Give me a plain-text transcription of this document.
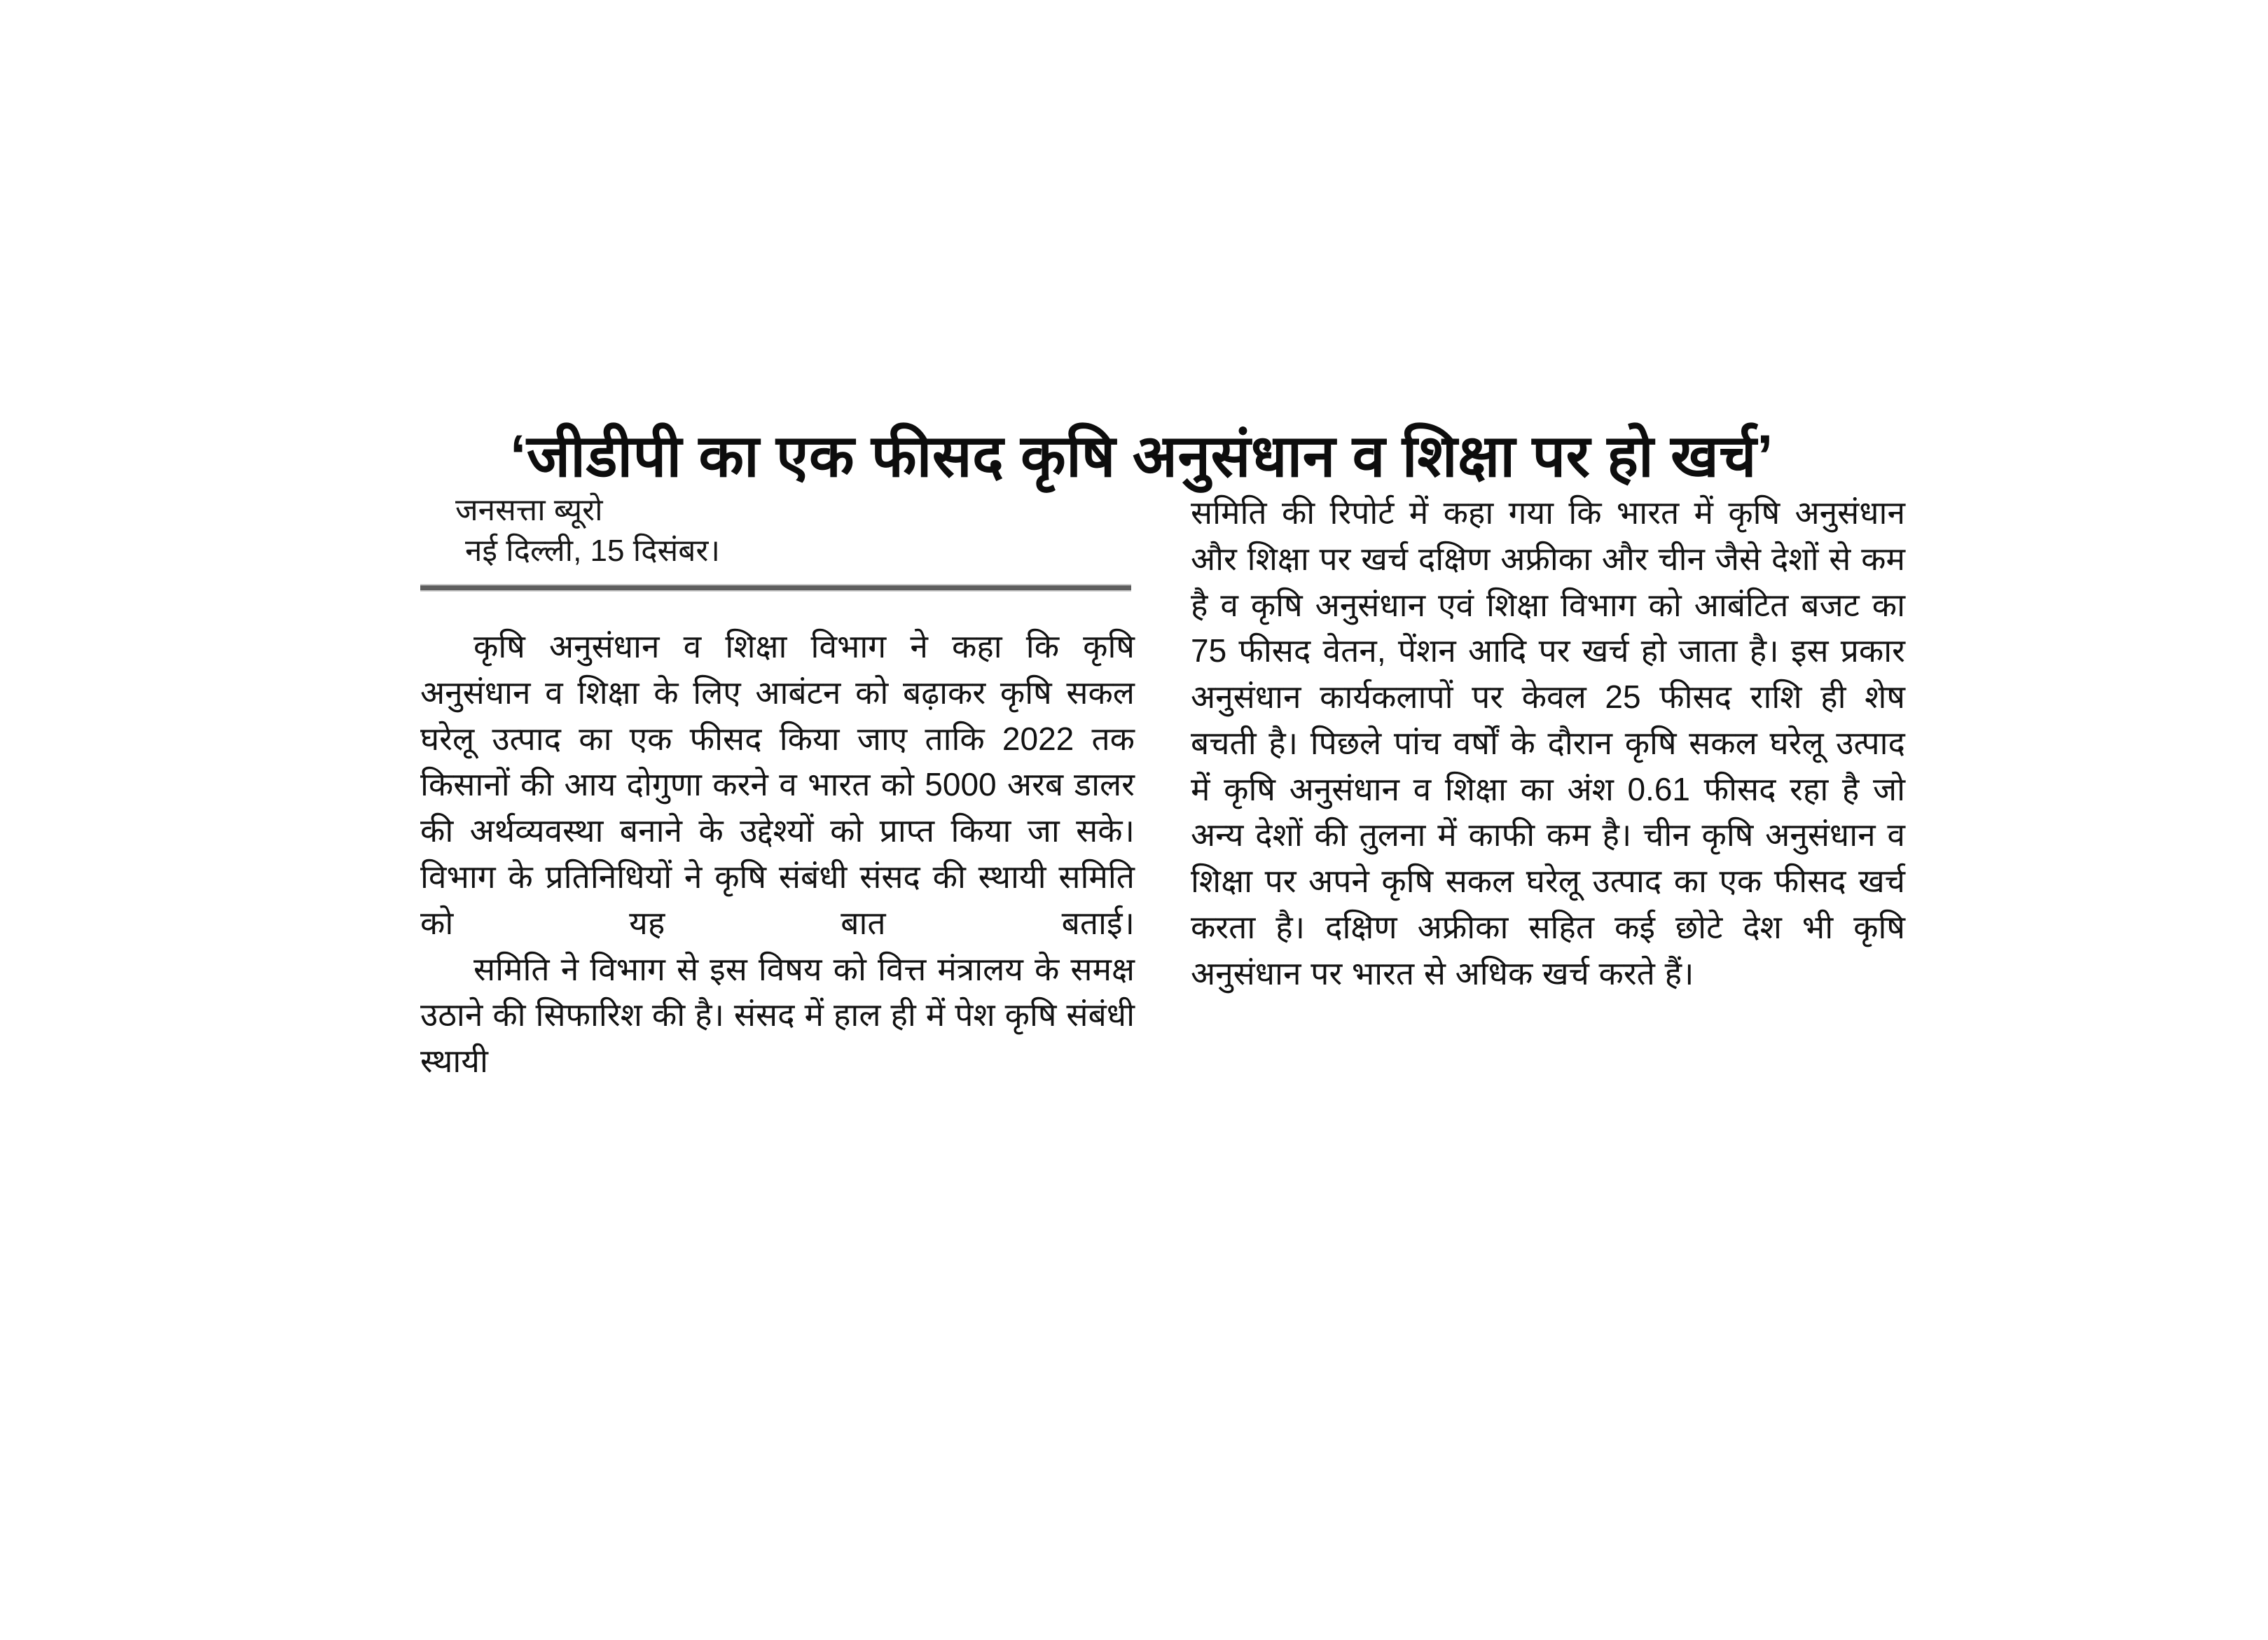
‘जीडीपी का एक फीसद कृषि अनुसंधान व शिक्षा पर हो खर्च’
जनसत्ता ब्यूरो
नई दिल्ली, 15 दिसंबर।

कृषि अनुसंधान व शिक्षा विभाग ने कहा कि कृषि अनुसंधान व शिक्षा के लिए आबंटन को बढ़ाकर कृषि सकल घरेलू उत्पाद का एक फीसद किया जाए ताकि 2022 तक किसानों की आय दोगुणा करने व भारत को 5000 अरब डालर की अर्थव्यवस्था बनाने के उद्देश्यों को प्राप्त किया जा सके। विभाग के प्रतिनिधियों ने कृषि संबंधी संसद की स्थायी समिति को यह बात बताई।

समिति ने विभाग से इस विषय को वित्त मंत्रालय के समक्ष उठाने की सिफारिश की है। संसद में हाल ही में पेश कृषि संबंधी स्थायी

समिति की रिपोर्ट में कहा गया कि भारत में कृषि अनुसंधान और शिक्षा पर खर्च दक्षिण अफ्रीका और चीन जैसे देशों से कम है व कृषि अनुसंधान एवं शिक्षा विभाग को आबंटित बजट का 75 फीसद वेतन, पेंशन आदि पर खर्च हो जाता है। इस प्रकार अनुसंधान कार्यकलापों पर केवल 25 फीसद राशि ही शेष बचती है। पिछले पांच वर्षों के दौरान कृषि सकल घरेलू उत्पाद में कृषि अनुसंधान व शिक्षा का अंश 0.61 फीसद रहा है जो अन्य देशों की तुलना में काफी कम है। चीन कृषि अनुसंधान व शिक्षा पर अपने कृषि सकल घरेलू उत्पाद का एक फीसद खर्च करता है। दक्षिण अफ्रीका सहित कई छोटे देश भी कृषि अनुसंधान पर भारत से अधिक खर्च करते हैं।
